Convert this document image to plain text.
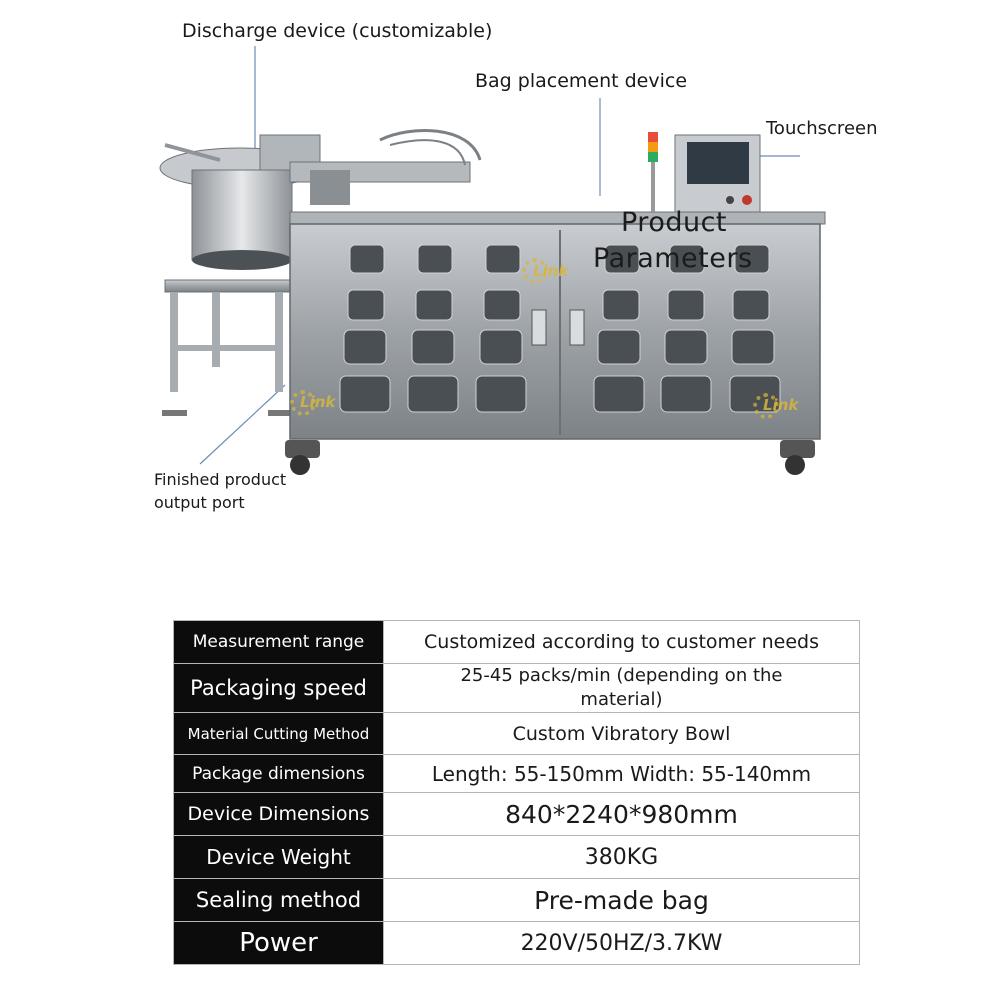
Discharge device (customizable)
Bag placement device
Touchscreen
Finished product
output port
Link
Link	Link
Product
Parameters
Measurement range	Customized according to customer needs
Packaging speed	25-45 packs/min (depending on the
material)

Material Cutting Method	Custom Vibratory Bowl
Package dimensions	Length: 55-150mm Width: 55-140mm
Device Dimensions	840*2240*980mm
Device Weight	380KG
Sealing method	Pre-made bag
Power	220V/50HZ/3.7KW
